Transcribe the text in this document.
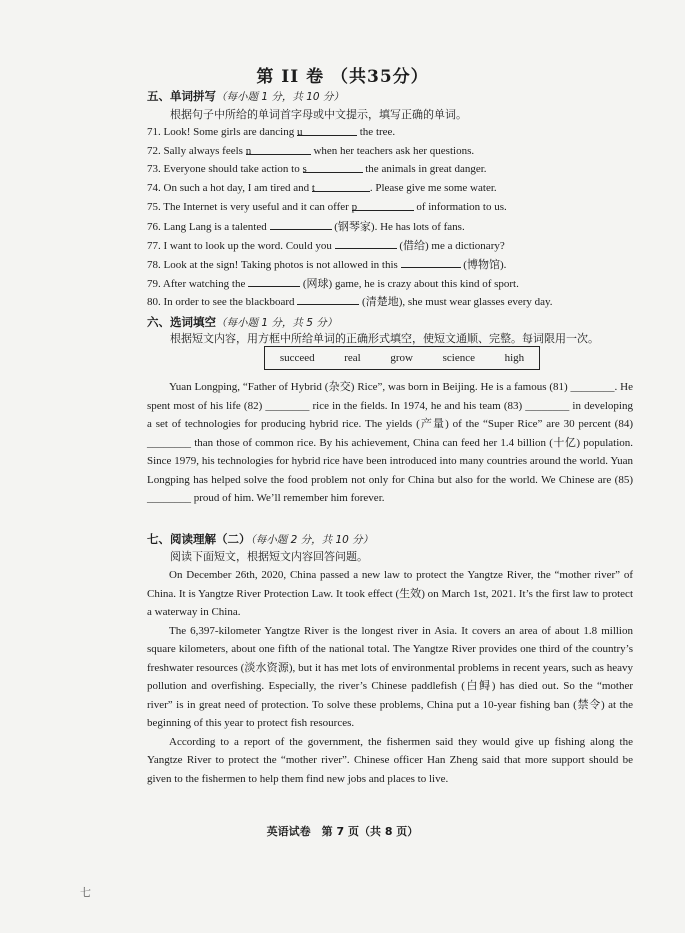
第 II 卷 （共35分）
五、单词拼写（每小题 1 分，共 10 分）
根据句子中所给的单词首字母或中文提示，填写正确的单词。
71. Look! Some girls are dancing u	the tree.
72. Sally always feels n	when her teachers ask her questions.
73. Everyone should take action to s	the animals in great danger.
74. On such a hot day, I am tired and t	. Please give me some water.
75. The Internet is very useful and it can offer p	of information to us.
76. Lang Lang is a talented	(钢琴家). He has lots of fans.
77. I want to look up the word. Could you	(借给) me a dictionary?
78. Look at the sign! Taking photos is not allowed in this	(博物馆).
79. After watching the	(网球) game, he is crazy about this kind of sport.
80. In order to see the blackboard	(清楚地), she must wear glasses every day.
六、选词填空（每小题 1 分，共 5 分）
根据短文内容，用方框中所给单词的正确形式填空，使短文通顺、完整。每词限用一次。
succeed	real	grow	science	high

Yuan Longping, “Father of Hybrid (杂交) Rice”, was born in Beijing. He is a famous (81) ________. He spent most of his life (82) ________ rice in the fields. In 1974, he and his team (83) ________ in developing a set of technologies for producing hybrid rice. The yields (产量) of the “Super Rice” are 30 percent (84) ________ than those of common rice. By his achievement, China can feed her 1.4 billion (十亿) population. Since 1979, his technologies for hybrid rice have been introduced into many countries around the world. Yuan Longping has helped solve the food problem not only for China but also for the world. We Chinese are (85) ________ proud of him. We’ll remember him forever.

七、阅读理解（二）（每小题 2 分，共 10 分）
阅读下面短文，根据短文内容回答问题。

On December 26th, 2020, China passed a new law to protect the Yangtze River, the “mother river” of China. It is Yangtze River Protection Law. It took effect (生效) on March 1st, 2021. It’s the first law to protect a waterway in China.

The 6,397-kilometer Yangtze River is the longest river in Asia. It covers an area of about 1.8 million square kilometers, about one fifth of the national total. The Yangtze River provides one third of the country’s freshwater resources (淡水资源), but it has met lots of environmental problems in recent years, such as heavy pollution and overfishing. Especially, the river’s Chinese paddlefish (白鲟) has died out. So the “mother river” is in great need of protection. To solve these problems, China put a 10-year fishing ban (禁令) at the beginning of this year to protect fish resources.

According to a report of the government, the fishermen said they would give up fishing along the Yangtze River to protect the “mother river”. Chinese officer Han Zheng said that more support should be given to the fishermen to help them find new jobs and places to live.

英语试卷　第 7 页（共 8 页）
七
